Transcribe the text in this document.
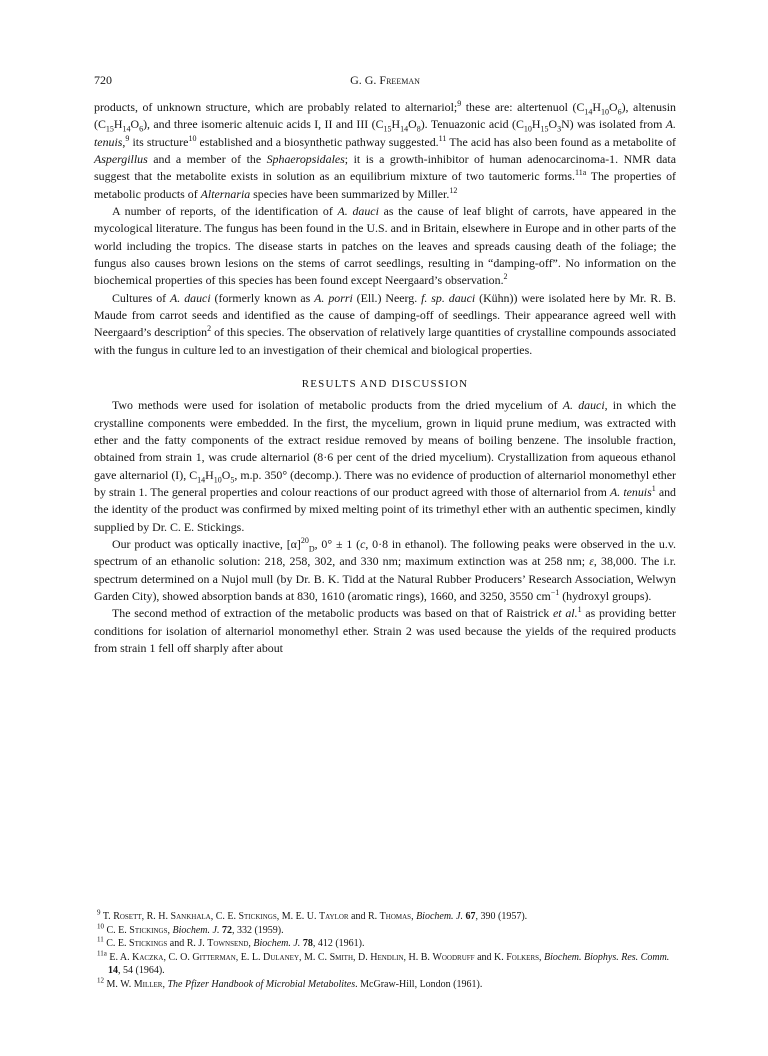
720	G. G. Freeman

products, of unknown structure, which are probably related to alternariol;$^9$ these are: altertenuol $(C_{14}H_{10}O_6)$, altenusin $(C_{15}H_{14}O_6)$, and three isomeric altenuic acids I, II and III $(C_{15}H_{14}O_8)$. Tenuazonic acid $(C_{10}H_{15}O_3N)$ was isolated from A. tenuis,$^9$ its structure$^{10}$ established and a biosynthetic pathway suggested.$^{11}$ The acid has also been found as a metabolite of Aspergillus and a member of the Sphaeropsidales; it is a growth-inhibitor of human adenocarcinoma-1. NMR data suggest that the metabolite exists in solution as an equilibrium mixture of two tautomeric forms.$^{11a}$ The properties of metabolic products of Alternaria species have been summarized by Miller.$^{12}$

A number of reports, of the identification of A. dauci as the cause of leaf blight of carrots, have appeared in the mycological literature. The fungus has been found in the U.S. and in Britain, elsewhere in Europe and in other parts of the world including the tropics. The disease starts in patches on the leaves and spreads causing death of the foliage; the fungus also causes brown lesions on the stems of carrot seedlings, resulting in “damping-off”. No information on the biochemical properties of this species has been found except Neergaard’s observation.$^2$

Cultures of A. dauci (formerly known as A. porri (Ell.) Neerg. f. sp. dauci (Kühn)) were isolated here by Mr. R. B. Maude from carrot seeds and identified as the cause of damping-off of seedlings. Their appearance agreed well with Neergaard’s description$^2$ of this species. The observation of relatively large quantities of crystalline compounds associated with the fungus in culture led to an investigation of their chemical and biological properties.

RESULTS AND DISCUSSION

Two methods were used for isolation of metabolic products from the dried mycelium of A. dauci, in which the crystalline components were embedded. In the first, the mycelium, grown in liquid prune medium, was extracted with ether and the fatty components of the extract residue removed by means of boiling benzene. The insoluble fraction, obtained from strain 1, was crude alternariol (8·6 per cent of the dried mycelium). Crystallization from aqueous ethanol gave alternariol (I), $C_{14}H_{10}O_5$, m.p. 350° (decomp.). There was no evidence of production of alternariol monomethyl ether by strain 1. The general properties and colour reactions of our product agreed with those of alternariol from A. tenuis$^1$ and the identity of the product was confirmed by mixed melting point of its trimethyl ether with an authentic specimen, kindly supplied by Dr. C. E. Stickings.

Our product was optically inactive, $[\alpha]^{20}_D$, 0° ± 1 (c, 0·8 in ethanol). The following peaks were observed in the u.v. spectrum of an ethanolic solution: 218, 258, 302, and 330 nm; maximum extinction was at 258 nm; ε, 38,000. The i.r. spectrum determined on a Nujol mull (by Dr. B. K. Tidd at the Natural Rubber Producers’ Research Association, Welwyn Garden City), showed absorption bands at 830, 1610 (aromatic rings), 1660, and 3250, 3550 $cm^{-1}$ (hydroxyl groups).

The second method of extraction of the metabolic products was based on that of Raistrick et al.$^1$ as providing better conditions for isolation of alternariol monomethyl ether. Strain 2 was used because the yields of the required products from strain 1 fell off sharply after about

$^9$ T. Rosett, R. H. Sankhala, C. E. Stickings, M. E. U. Taylor and R. Thomas, Biochem. J. 67, 390 (1957).

$^{10}$ C. E. Stickings, Biochem. J. 72, 332 (1959).

$^{11}$ C. E. Stickings and R. J. Townsend, Biochem. J. 78, 412 (1961).

$^{11a}$ E. A. Kaczka, C. O. Gitterman, E. L. Dulaney, M. C. Smith, D. Hendlin, H. B. Woodruff and K. Folkers, Biochem. Biophys. Res. Comm. 14, 54 (1964).

$^{12}$ M. W. Miller, The Pfizer Handbook of Microbial Metabolites. McGraw-Hill, London (1961).
